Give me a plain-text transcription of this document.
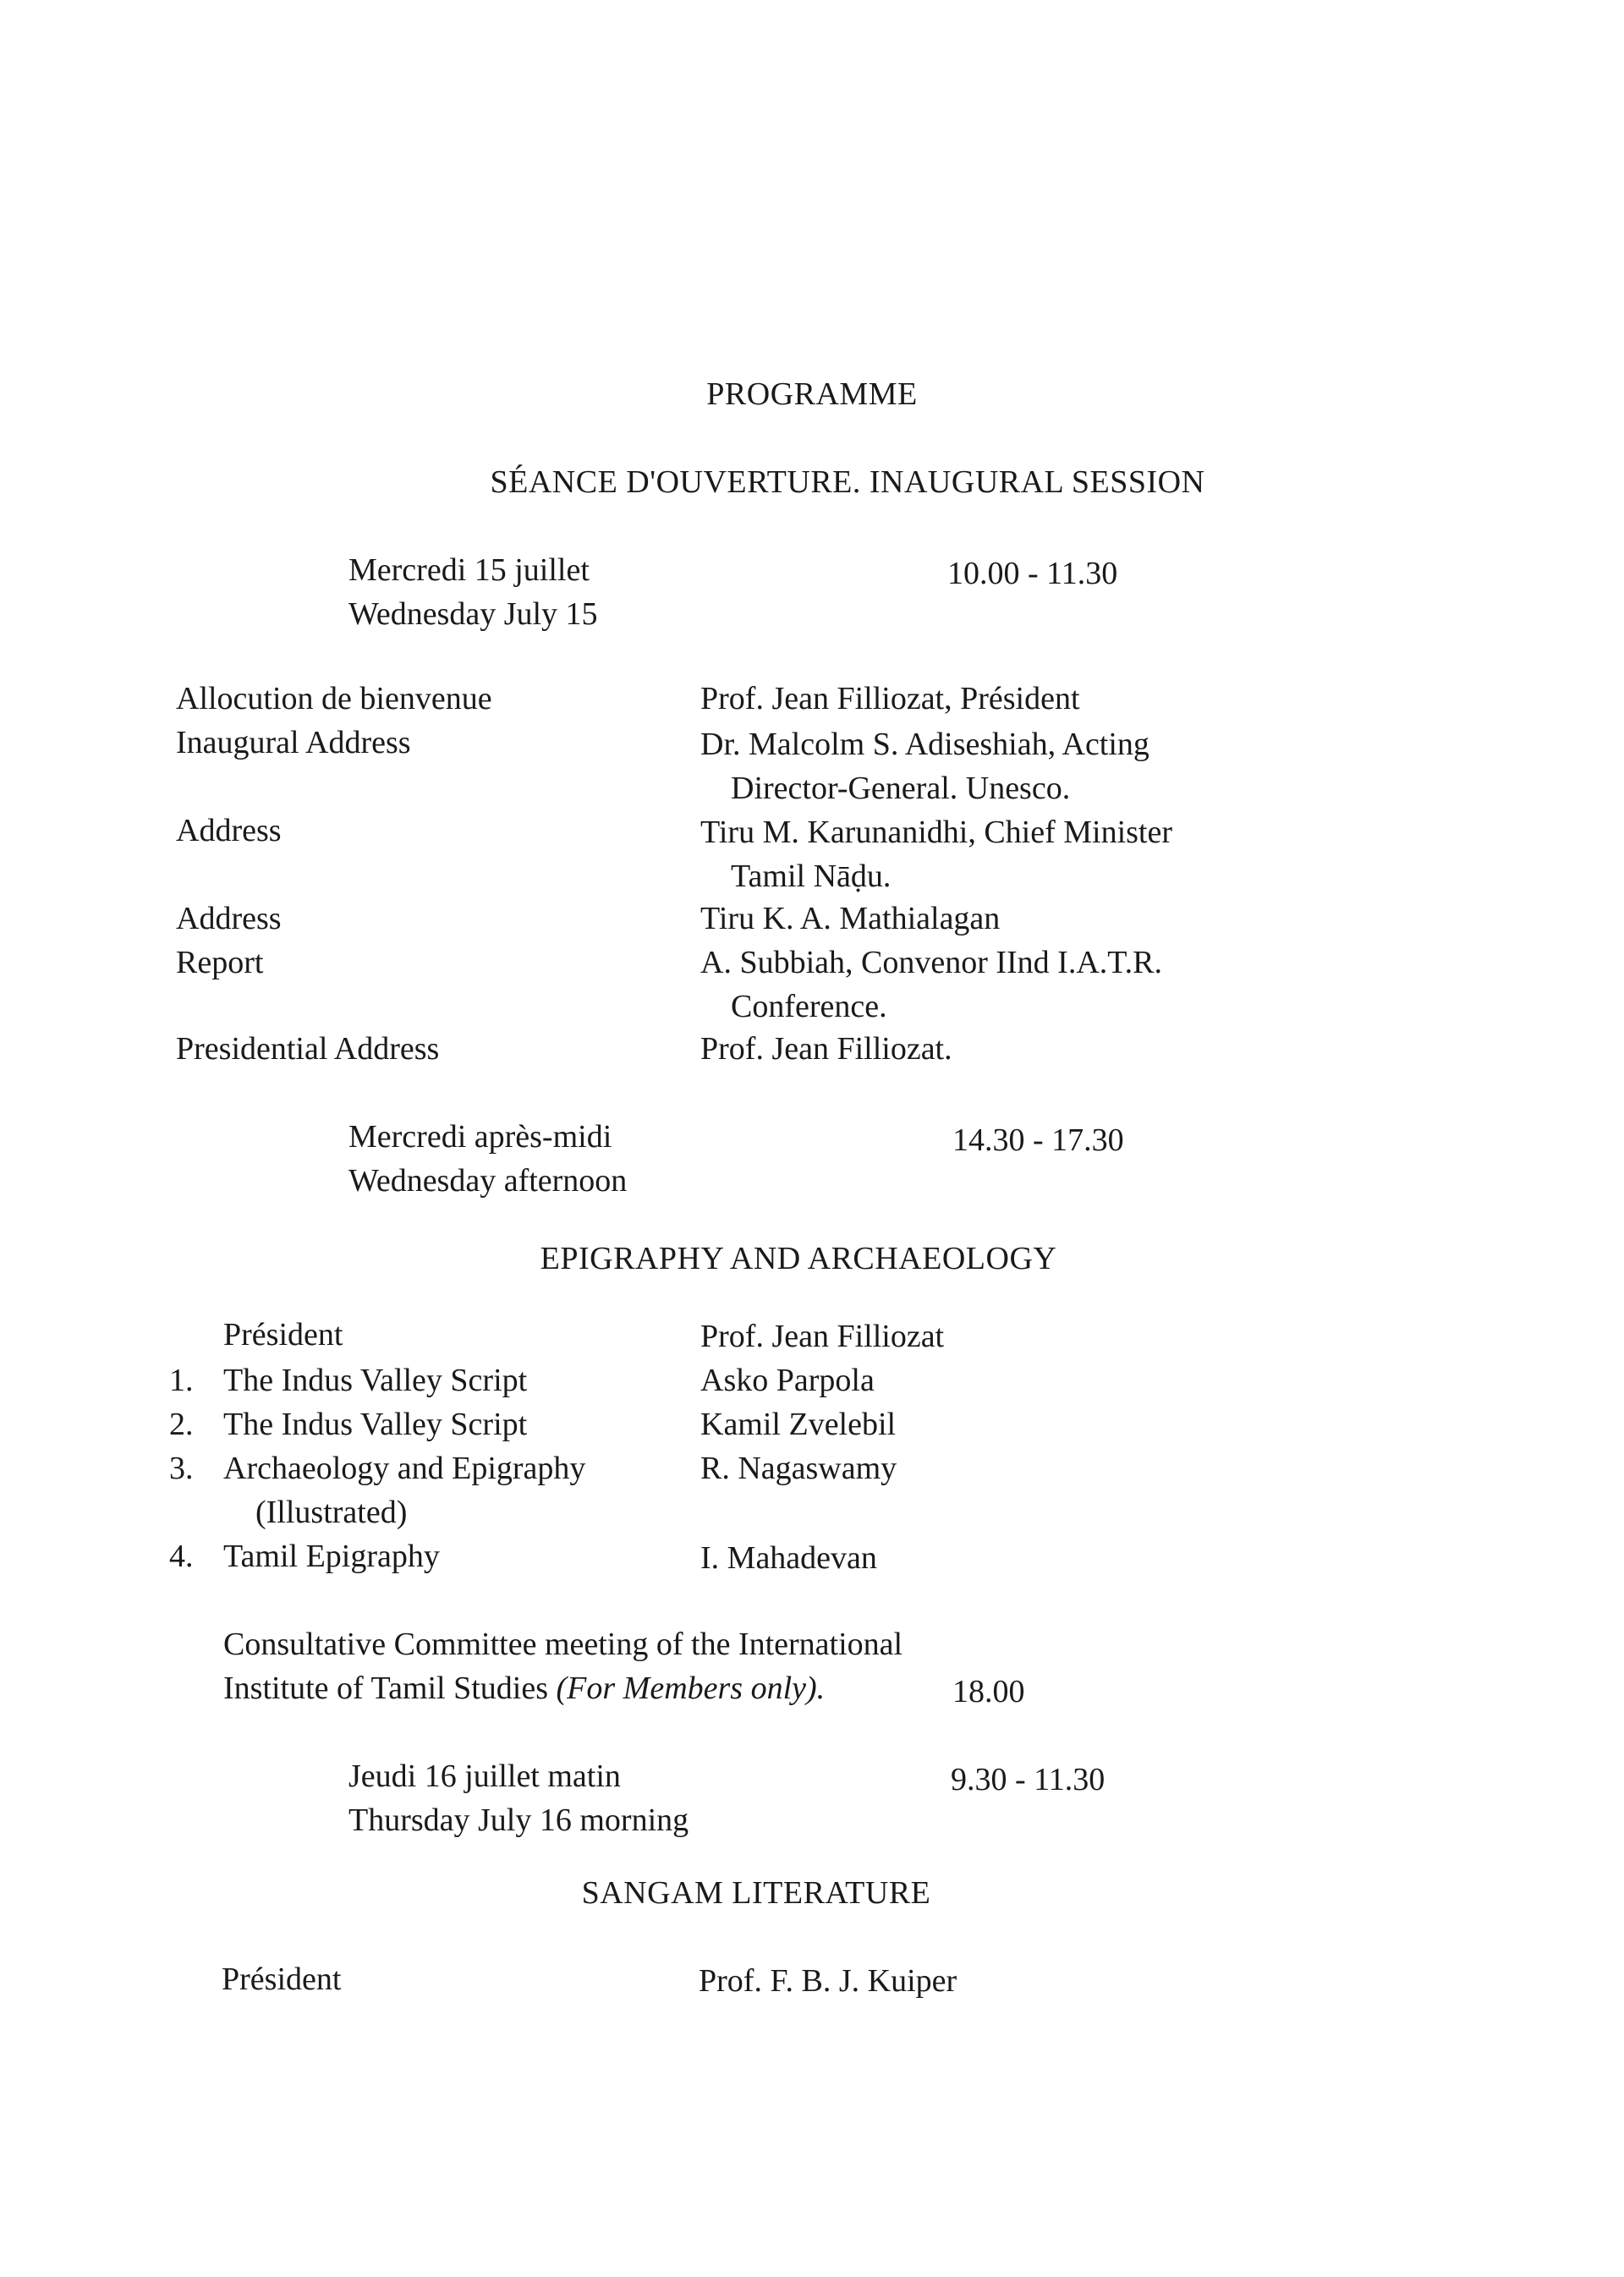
PROGRAMME
SÉANCE D'OUVERTURE. INAUGURAL SESSION
Mercredi 15 juillet
Wednesday July 15
10.00 - 11.30
Allocution de bienvenue	Prof. Jean Filliozat, Président
Inaugural Address	Dr. Malcolm S. Adiseshiah, Acting
Director-General. Unesco.
Address	Tiru M. Karunanidhi, Chief Minister
Tamil Nāḍu.
Address	Tiru K. A. Mathialagan
Report	A. Subbiah, Convenor IInd I.A.T.R.
Conference.
Presidential Address	Prof. Jean Filliozat.
Mercredi après-midi
Wednesday afternoon
14.30 - 17.30
EPIGRAPHY AND ARCHAEOLOGY
Président	Prof. Jean Filliozat
1. The Indus Valley Script	Asko Parpola
2. The Indus Valley Script	Kamil Zvelebil
3. Archaeology and Epigraphy	R. Nagaswamy
(Illustrated)
4. Tamil Epigraphy	I. Mahadevan
Consultative Committee meeting of the International
Institute of Tamil Studies (For Members only).	18.00
Jeudi 16 juillet matin
Thursday July 16 morning
9.30 - 11.30
SANGAM LITERATURE
Président	Prof. F. B. J. Kuiper
